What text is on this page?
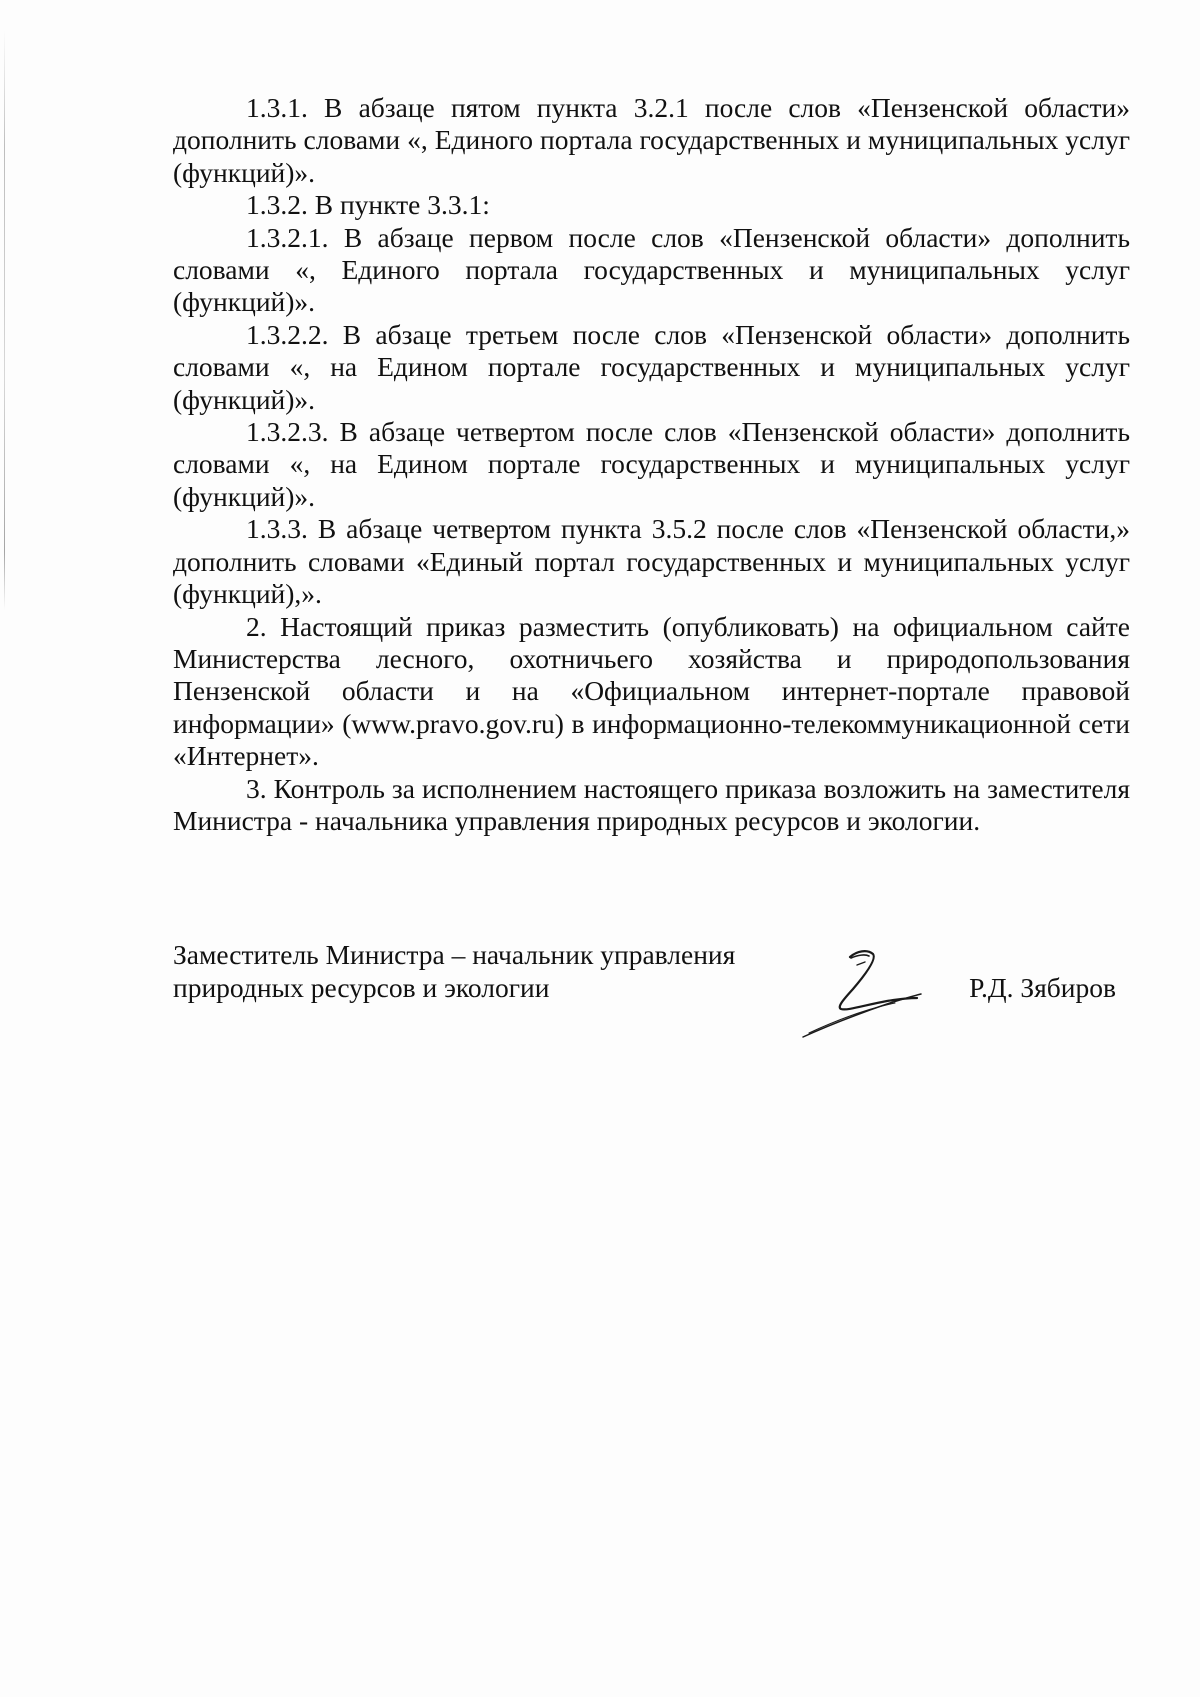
1.3.1. В абзаце пятом пункта 3.2.1 после слов «Пензенской области» дополнить словами «, Единого портала государственных и муниципальных услуг (функций)».

1.3.2. В пункте 3.3.1:

1.3.2.1. В абзаце первом после слов «Пензенской области» дополнить словами «, Единого портала государственных и муниципальных услуг (функций)».

1.3.2.2. В абзаце третьем после слов «Пензенской области» дополнить словами «, на Едином портале государственных и муниципальных услуг (функций)».

1.3.2.3. В абзаце четвертом после слов «Пензенской области» дополнить словами «, на Едином портале государственных и муниципальных услуг (функций)».

1.3.3. В абзаце четвертом пункта 3.5.2 после слов «Пензенской области,» дополнить словами «Единый портал государственных и муниципальных услуг (функций),».

2. Настоящий приказ разместить (опубликовать) на официальном сайте Министерства лесного, охотничьего хозяйства и природопользования Пензенской области и на «Официальном интернет-портале правовой информации» (www.pravo.gov.ru) в информационно-телекоммуникационной сети «Интернет».

3. Контроль за исполнением настоящего приказа возложить на заместителя Министра - начальника управления природных ресурсов и экологии.

Заместитель Министра – начальник управления
природных ресурсов и экологии	Р.Д. Зябиров
